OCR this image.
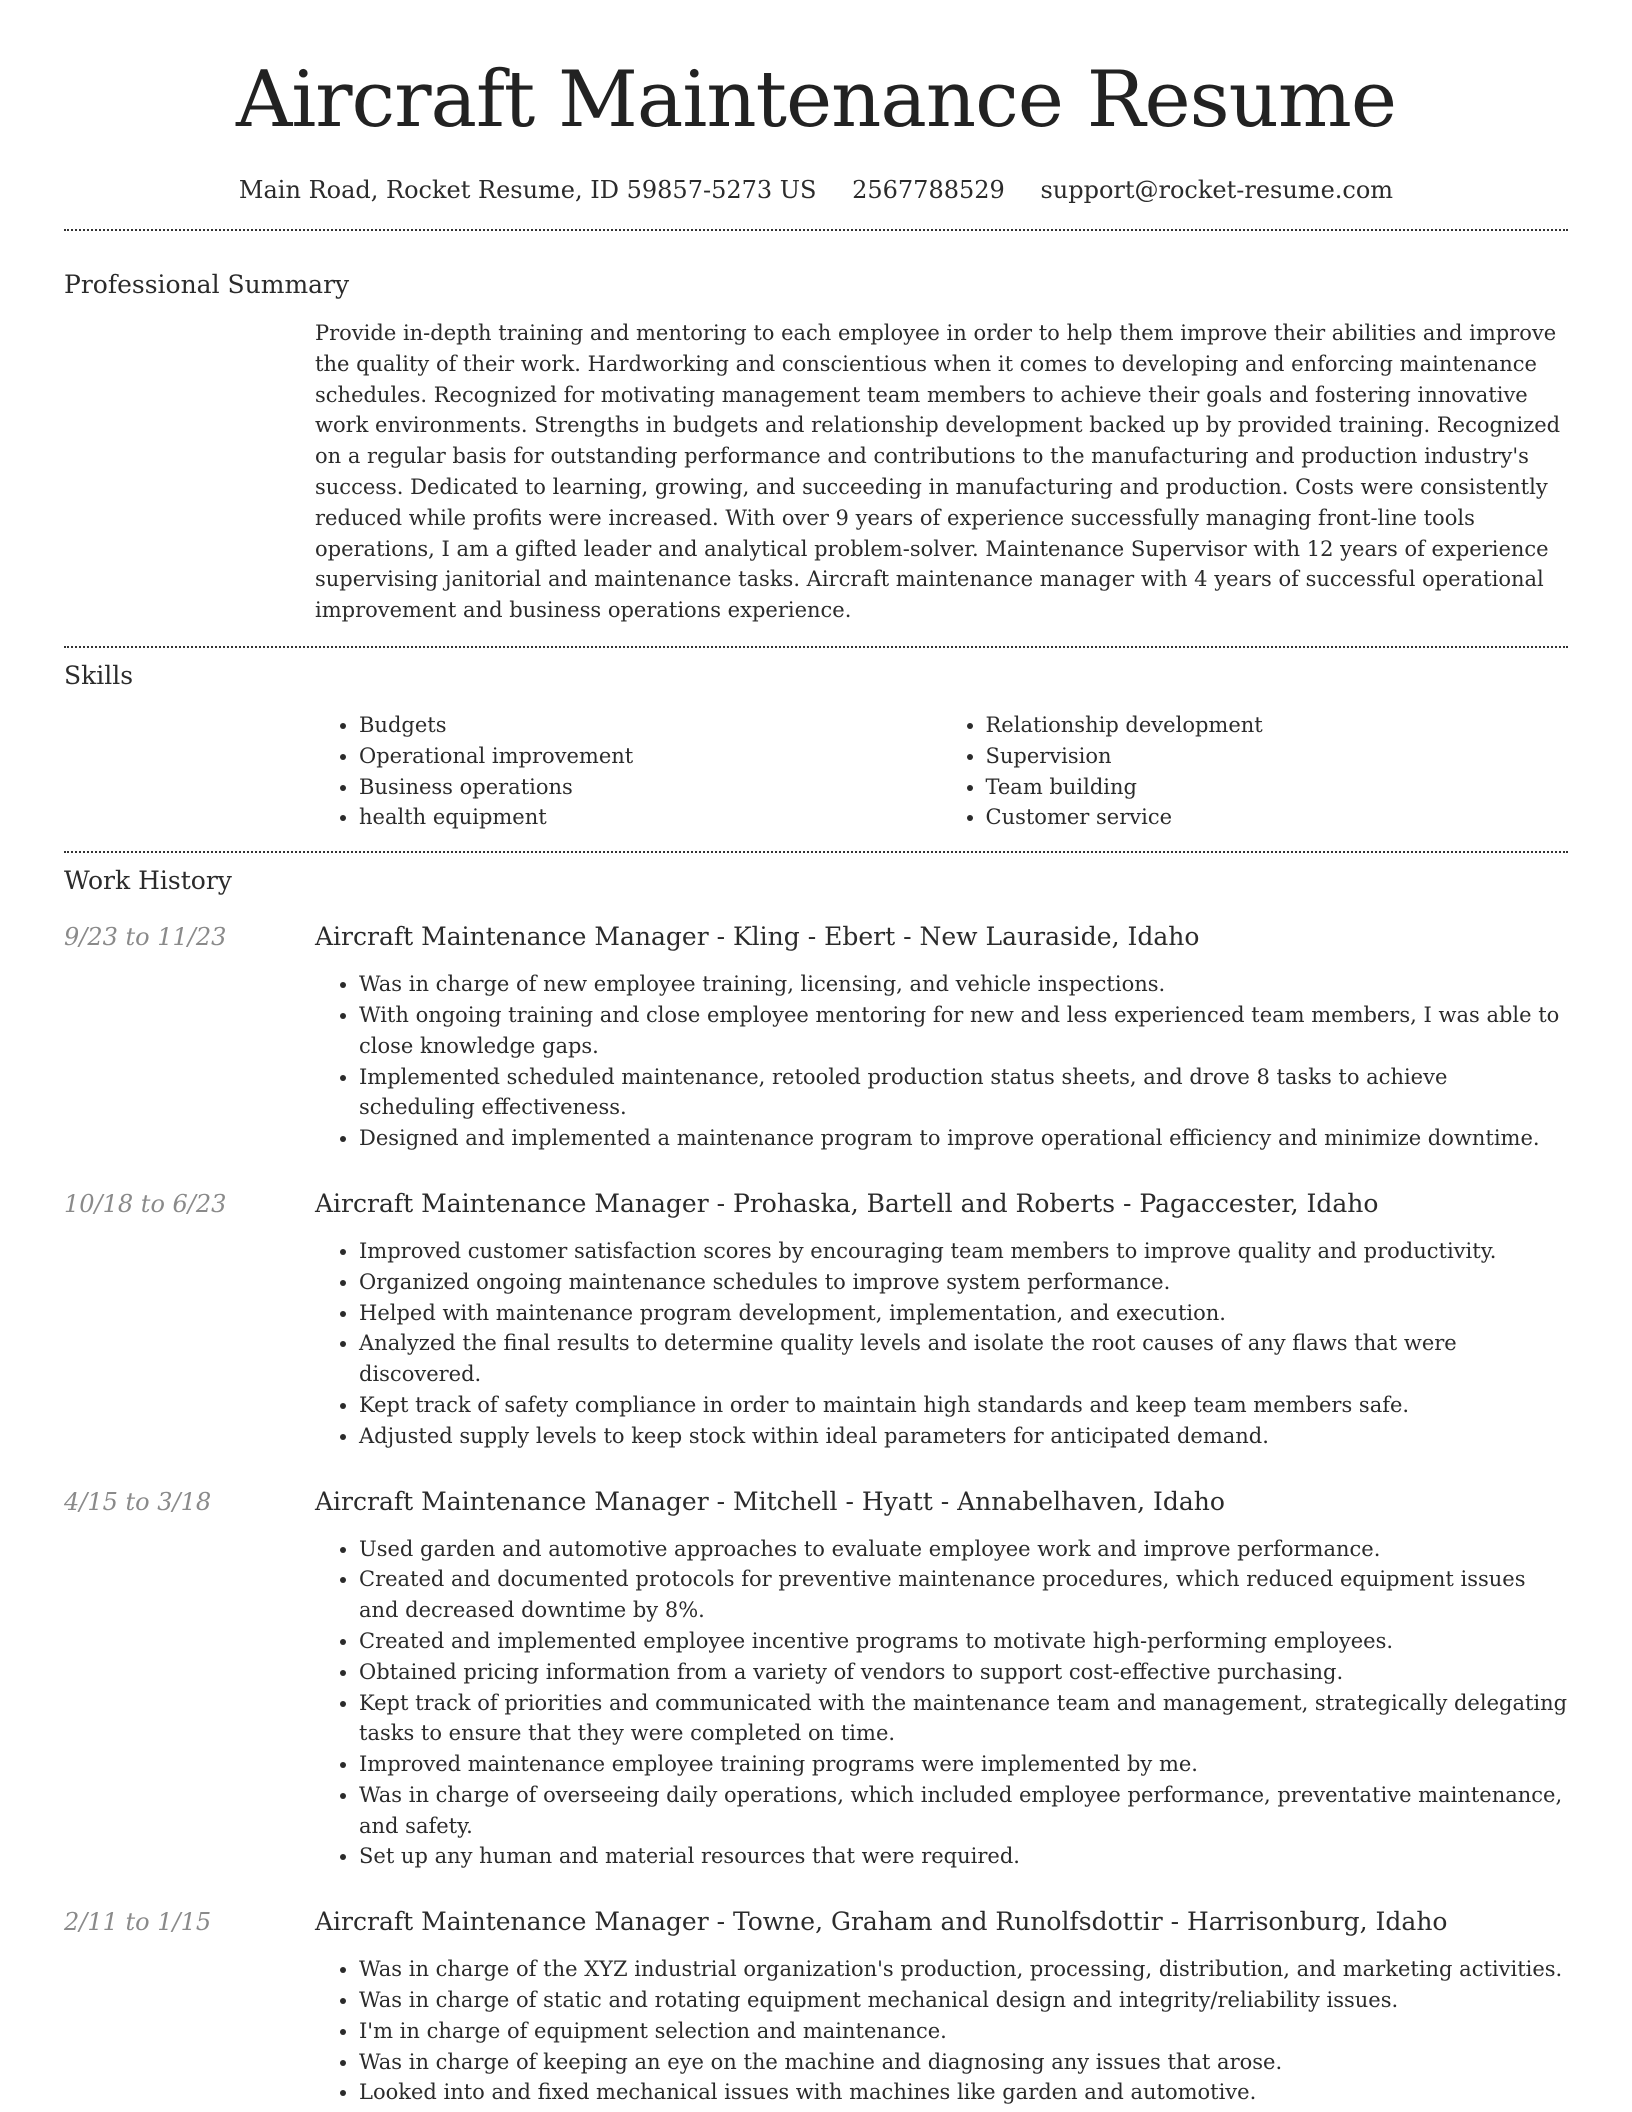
Aircraft Maintenance Resume
Main Road, Rocket Resume, ID 59857-5273 US 2567788529 support@rocket-resume.com
Professional Summary
Provide in-depth training and mentoring to each employee in order to help them improve their abilities and improve the quality of their work. Hardworking and conscientious when it comes to developing and enforcing maintenance schedules. Recognized for motivating management team members to achieve their goals and fostering innovative work environments. Strengths in budgets and relationship development backed up by provided training. Recognized on a regular basis for outstanding performance and contributions to the manufacturing and production industry's success. Dedicated to learning, growing, and succeeding in manufacturing and production. Costs were consistently reduced while profits were increased. With over 9 years of experience successfully managing front-line tools operations, I am a gifted leader and analytical problem-solver. Maintenance Supervisor with 12 years of experience supervising janitorial and maintenance tasks. Aircraft maintenance manager with 4 years of successful operational improvement and business operations experience.
Skills
• Budgets
• Operational improvement
• Business operations
• health equipment
• Relationship development
• Supervision
• Team building
• Customer service
Work History
9/23 to 11/23	Aircraft Maintenance Manager - Kling - Ebert - New Lauraside, Idaho
• Was in charge of new employee training, licensing, and vehicle inspections.
• With ongoing training and close employee mentoring for new and less experienced team members, I was able to close knowledge gaps.
• Implemented scheduled maintenance, retooled production status sheets, and drove 8 tasks to achieve scheduling effectiveness.
• Designed and implemented a maintenance program to improve operational efficiency and minimize downtime.
10/18 to 6/23	Aircraft Maintenance Manager - Prohaska, Bartell and Roberts - Pagaccester, Idaho
• Improved customer satisfaction scores by encouraging team members to improve quality and productivity.
• Organized ongoing maintenance schedules to improve system performance.
• Helped with maintenance program development, implementation, and execution.
• Analyzed the final results to determine quality levels and isolate the root causes of any flaws that were discovered.
• Kept track of safety compliance in order to maintain high standards and keep team members safe.
• Adjusted supply levels to keep stock within ideal parameters for anticipated demand.
4/15 to 3/18	Aircraft Maintenance Manager - Mitchell - Hyatt - Annabelhaven, Idaho
• Used garden and automotive approaches to evaluate employee work and improve performance.
• Created and documented protocols for preventive maintenance procedures, which reduced equipment issues and decreased downtime by 8%.
• Created and implemented employee incentive programs to motivate high-performing employees.
• Obtained pricing information from a variety of vendors to support cost-effective purchasing.
• Kept track of priorities and communicated with the maintenance team and management, strategically delegating tasks to ensure that they were completed on time.
• Improved maintenance employee training programs were implemented by me.
• Was in charge of overseeing daily operations, which included employee performance, preventative maintenance, and safety.
• Set up any human and material resources that were required.
2/11 to 1/15	Aircraft Maintenance Manager - Towne, Graham and Runolfsdottir - Harrisonburg, Idaho
• Was in charge of the XYZ industrial organization's production, processing, distribution, and marketing activities.
• Was in charge of static and rotating equipment mechanical design and integrity/reliability issues.
• I'm in charge of equipment selection and maintenance.
• Was in charge of keeping an eye on the machine and diagnosing any issues that arose.
• Looked into and fixed mechanical issues with machines like garden and automotive.
